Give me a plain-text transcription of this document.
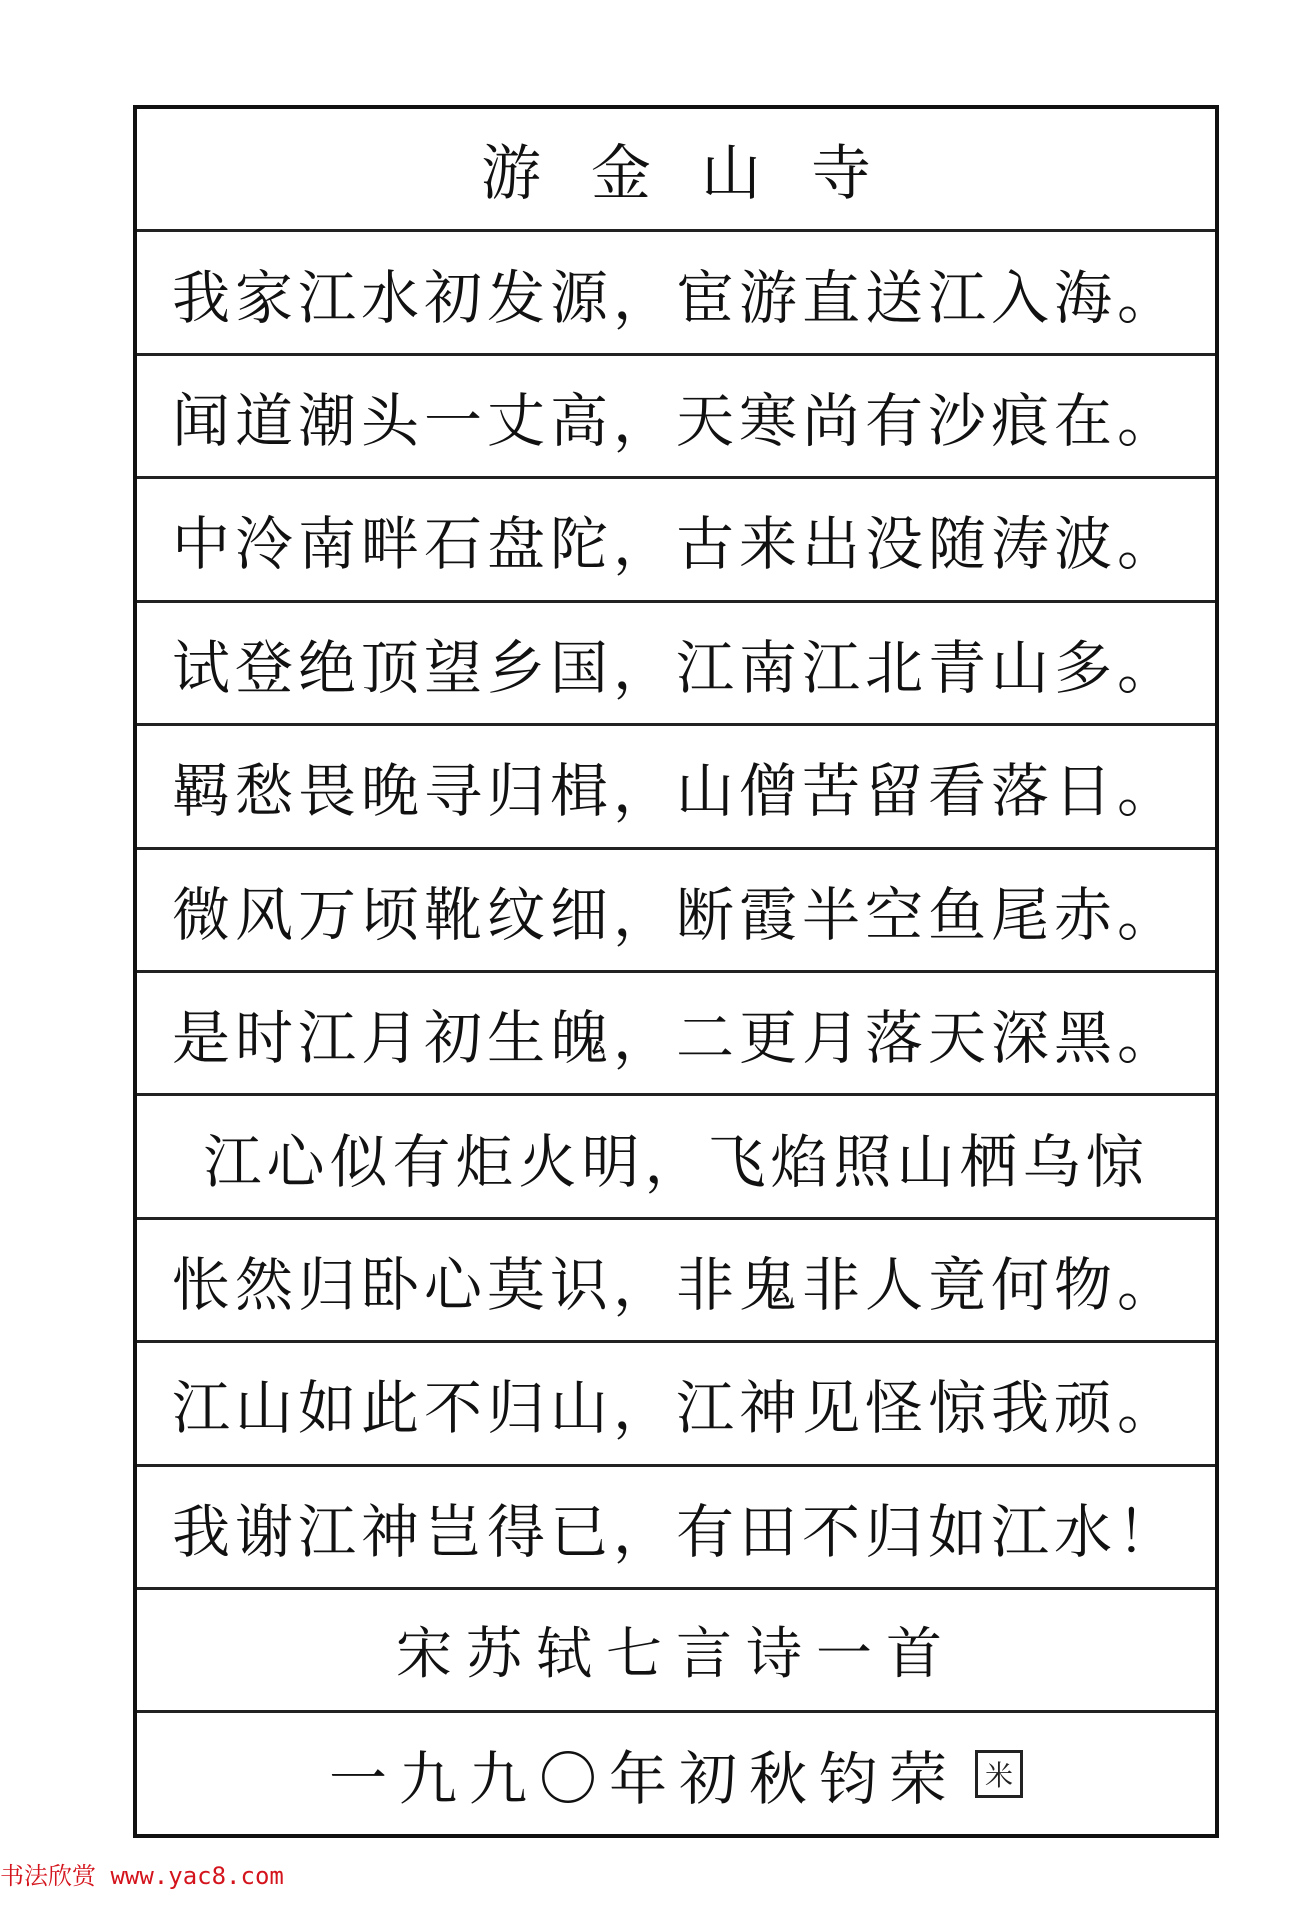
游金山寺
我家江水初发源，宦游直送江入海。
闻道潮头一丈高，天寒尚有沙痕在。
中泠南畔石盘陀，古来出没随涛波。
试登绝顶望乡国，江南江北青山多。
羁愁畏晚寻归楫，山僧苦留看落日。
微风万顷靴纹细，断霞半空鱼尾赤。
是时江月初生魄，二更月落天深黑。
江心似有炬火明，飞焰照山栖乌惊
怅然归卧心莫识，非鬼非人竟何物。
江山如此不归山，江神见怪惊我顽。
我谢江神岂得已，有田不归如江水！
宋苏轼七言诗一首
一九九〇年初秋钧荣 米
书法欣赏 www.yac8.com
